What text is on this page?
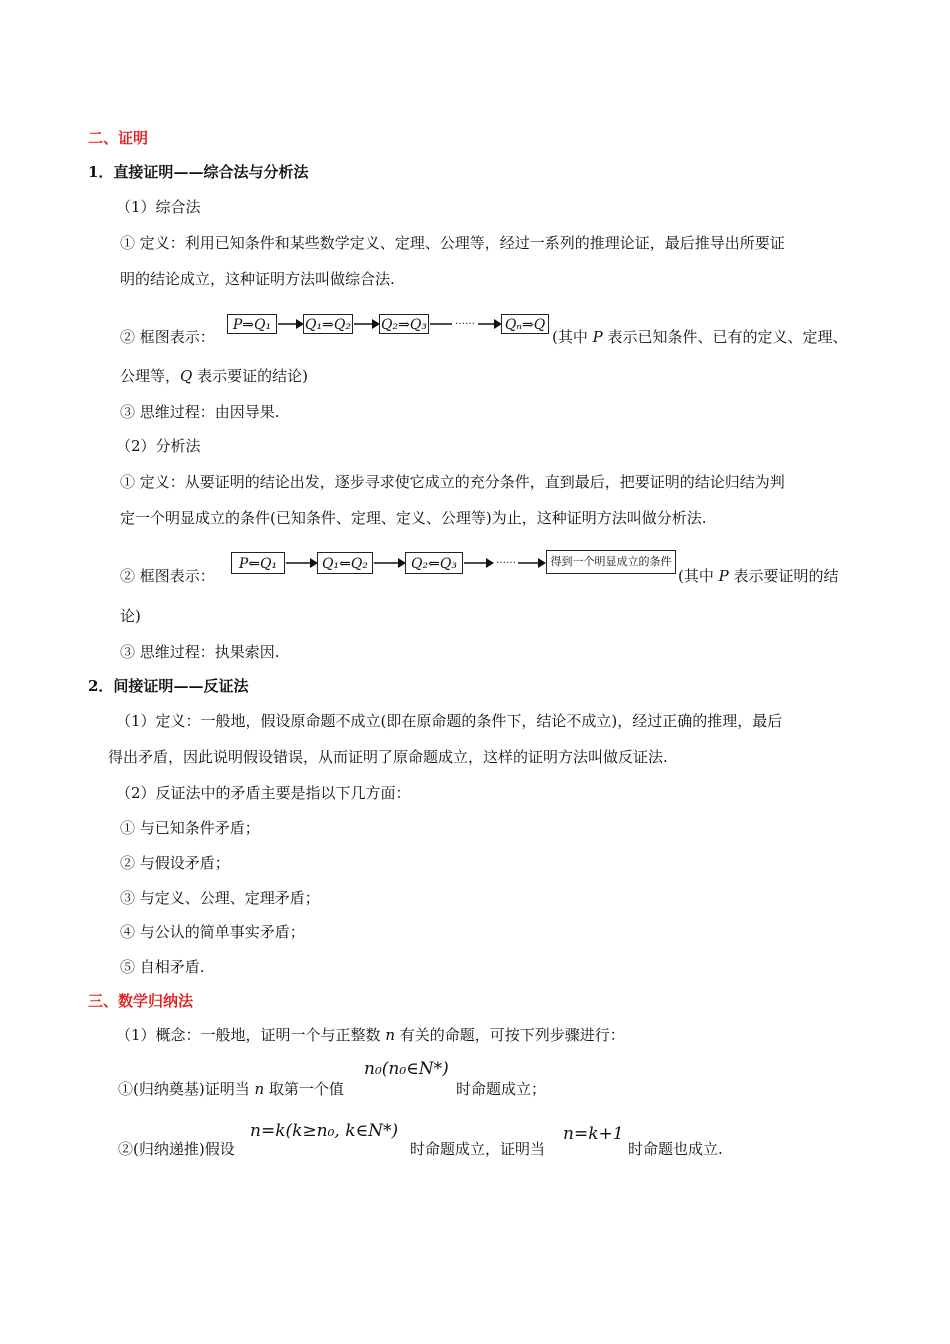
二、证明
1．直接证明——综合法与分析法
（1）综合法
① 定义：利用已知条件和某些数学定义、定理、公理等，经过一系列的推理论证，最后推导出所要证
明的结论成立，这种证明方法叫做综合法.
② 框图表示：
P⇒Q₁	Q₁⇒Q₂ Q₂⇒Q₃	…… Qₙ⇒Q
(其中 P 表示已知条件、已有的定义、定理、
公理等，Q 表示要证的结论)
③ 思维过程：由因导果.
（2）分析法
① 定义：从要证明的结论出发，逐步寻求使它成立的充分条件，直到最后，把要证明的结论归结为判
定一个明显成立的条件(已知条件、定理、定义、公理等)为止，这种证明方法叫做分析法.
② 框图表示：
P⇐Q₁	Q₁⇐Q₂	Q₂⇐Q₃	……	得到一个明显成立的条件
(其中 P 表示要证明的结
论)
③ 思维过程：执果索因.
2．间接证明——反证法
（1）定义：一般地，假设原命题不成立(即在原命题的条件下，结论不成立)，经过正确的推理，最后
得出矛盾，因此说明假设错误，从而证明了原命题成立，这样的证明方法叫做反证法.
（2）反证法中的矛盾主要是指以下几方面：
① 与已知条件矛盾；
② 与假设矛盾；
③ 与定义、公理、定理矛盾；
④ 与公认的简单事实矛盾；
⑤ 自相矛盾.
三、数学归纳法
（1）概念：一般地，证明一个与正整数 n 有关的命题，可按下列步骤进行：
①(归纳奠基)证明当 n 取第一个值
n₀(n₀∈N*)
时命题成立；
②(归纳递推)假设
n=k(k≥n₀, k∈N*)
时命题成立，证明当
n=k+1
时命题也成立.
